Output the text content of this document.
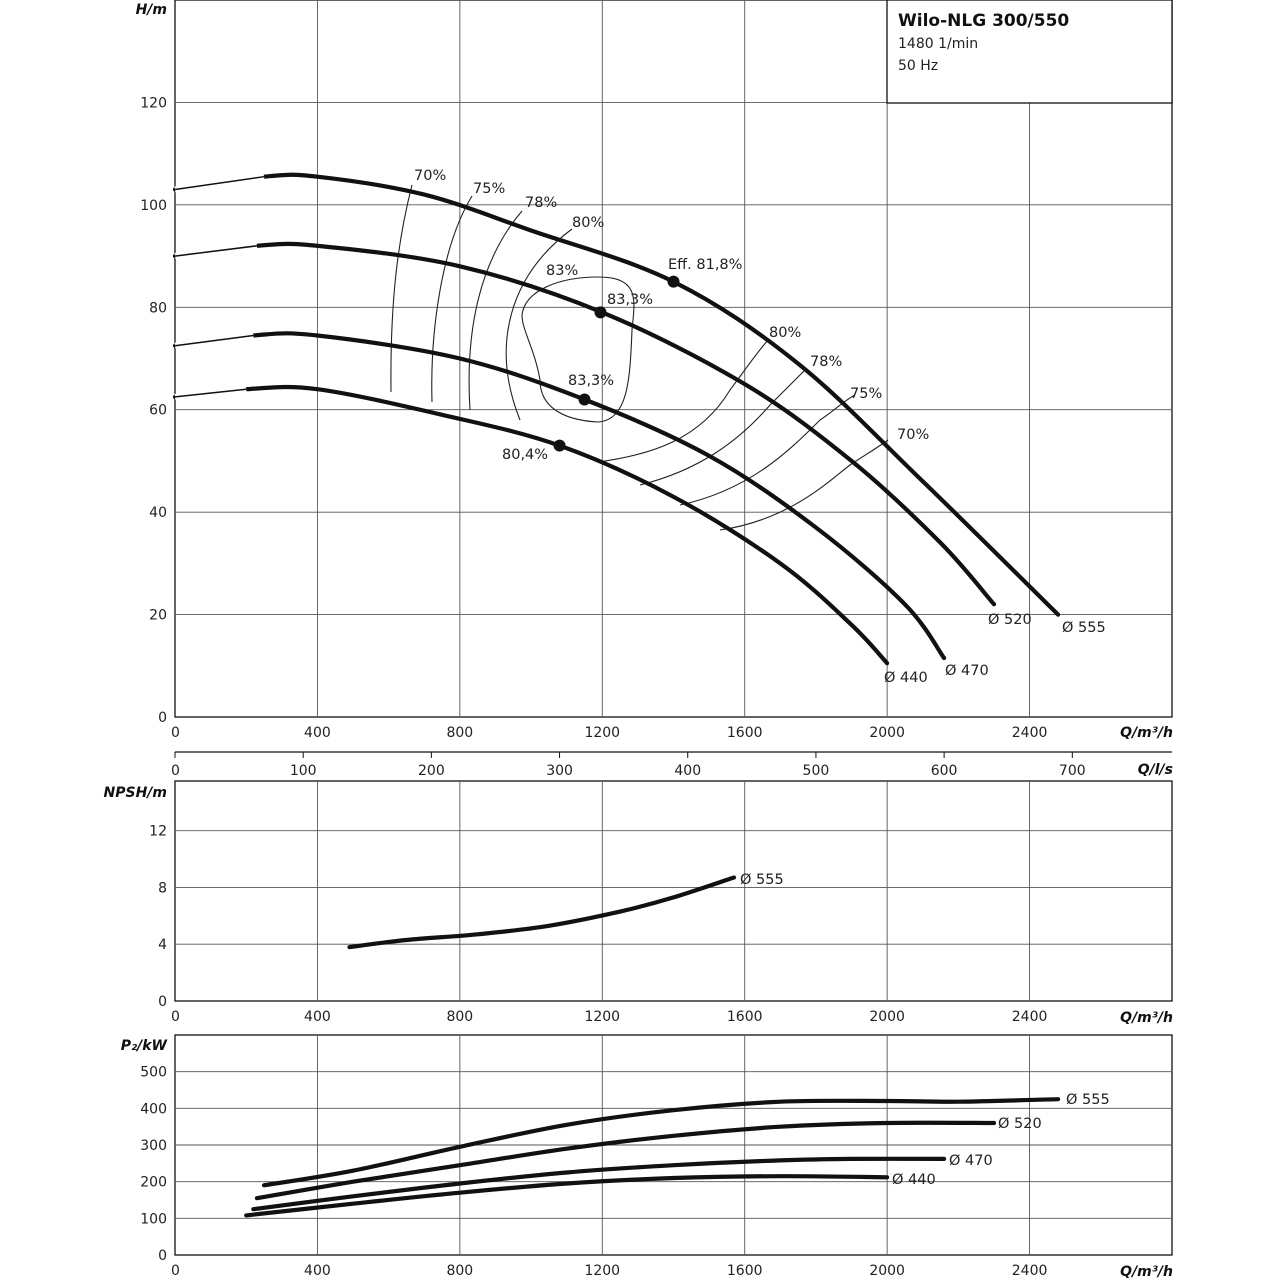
Wilo-NLG 300/550
1480 1/min
50 Hz
H/m
Q/m³/h
Q/l/s
NPSH/m
Q/m³/h
P₂/kW
Q/m³/h
0
20
40
60
80
100
120
0	400	800	1200	1600	2000	2400
0
4
8
12
0	400	800	1200	1600	2000	2400
0
100
200
300
400
500
0	400	800	1200	1600	2000	2400
0	100	200	300	400	500	600	700
70%
75%
78%
80%
83%
80%
78%
75%
70%
Eff. 81,8%
83,3%
83,3%
80,4%
Ø 555
Ø 520
Ø 470
Ø 440
Ø 555
Ø 555
Ø 520
Ø 470
Ø 440
